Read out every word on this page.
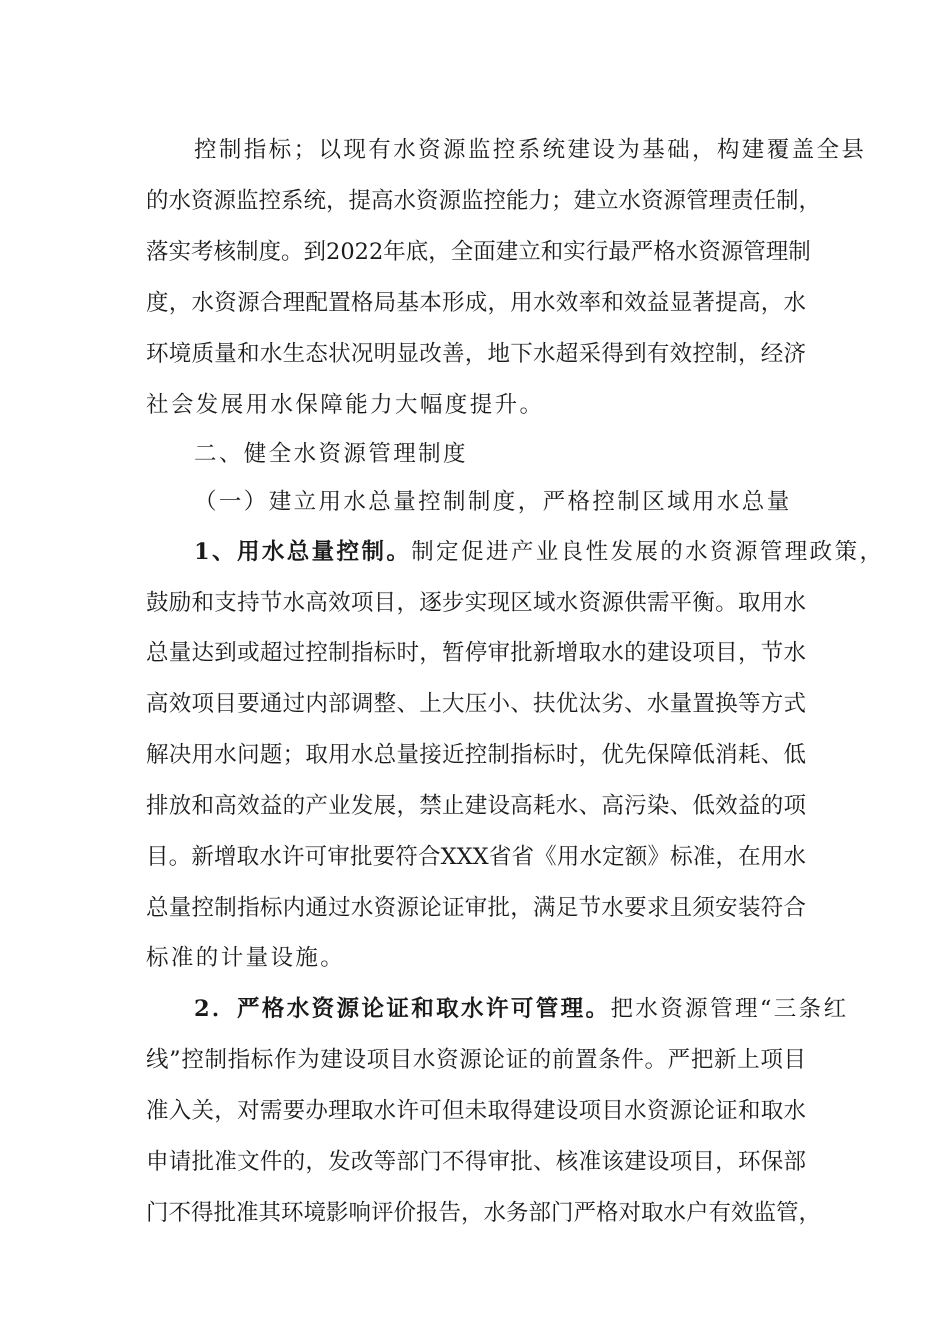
控制指标；以现有水资源监控系统建设为基础，构建覆盖全县
的水资源监控系统，提高水资源监控能力；建立水资源管理责任制，
落实考核制度。到2022年底，全面建立和实行最严格水资源管理制
度，水资源合理配置格局基本形成，用水效率和效益显著提高，水
环境质量和水生态状况明显改善，地下水超采得到有效控制，经济
社会发展用水保障能力大幅度提升。
二、健全水资源管理制度
（一）建立用水总量控制制度，严格控制区域用水总量
1、用水总量控制。制定促进产业良性发展的水资源管理政策，
鼓励和支持节水高效项目，逐步实现区域水资源供需平衡。取用水
总量达到或超过控制指标时，暂停审批新增取水的建设项目，节水
高效项目要通过内部调整、上大压小、扶优汰劣、水量置换等方式
解决用水问题；取用水总量接近控制指标时，优先保障低消耗、低
排放和高效益的产业发展，禁止建设高耗水、高污染、低效益的项
目。新增取水许可审批要符合XXX省省《用水定额》标准，在用水
总量控制指标内通过水资源论证审批，满足节水要求且须安装符合
标准的计量设施。
2．严格水资源论证和取水许可管理。把水资源管理“三条红
线”控制指标作为建设项目水资源论证的前置条件。严把新上项目
准入关，对需要办理取水许可但未取得建设项目水资源论证和取水
申请批准文件的，发改等部门不得审批、核准该建设项目，环保部
门不得批准其环境影响评价报告，水务部门严格对取水户有效监管，
